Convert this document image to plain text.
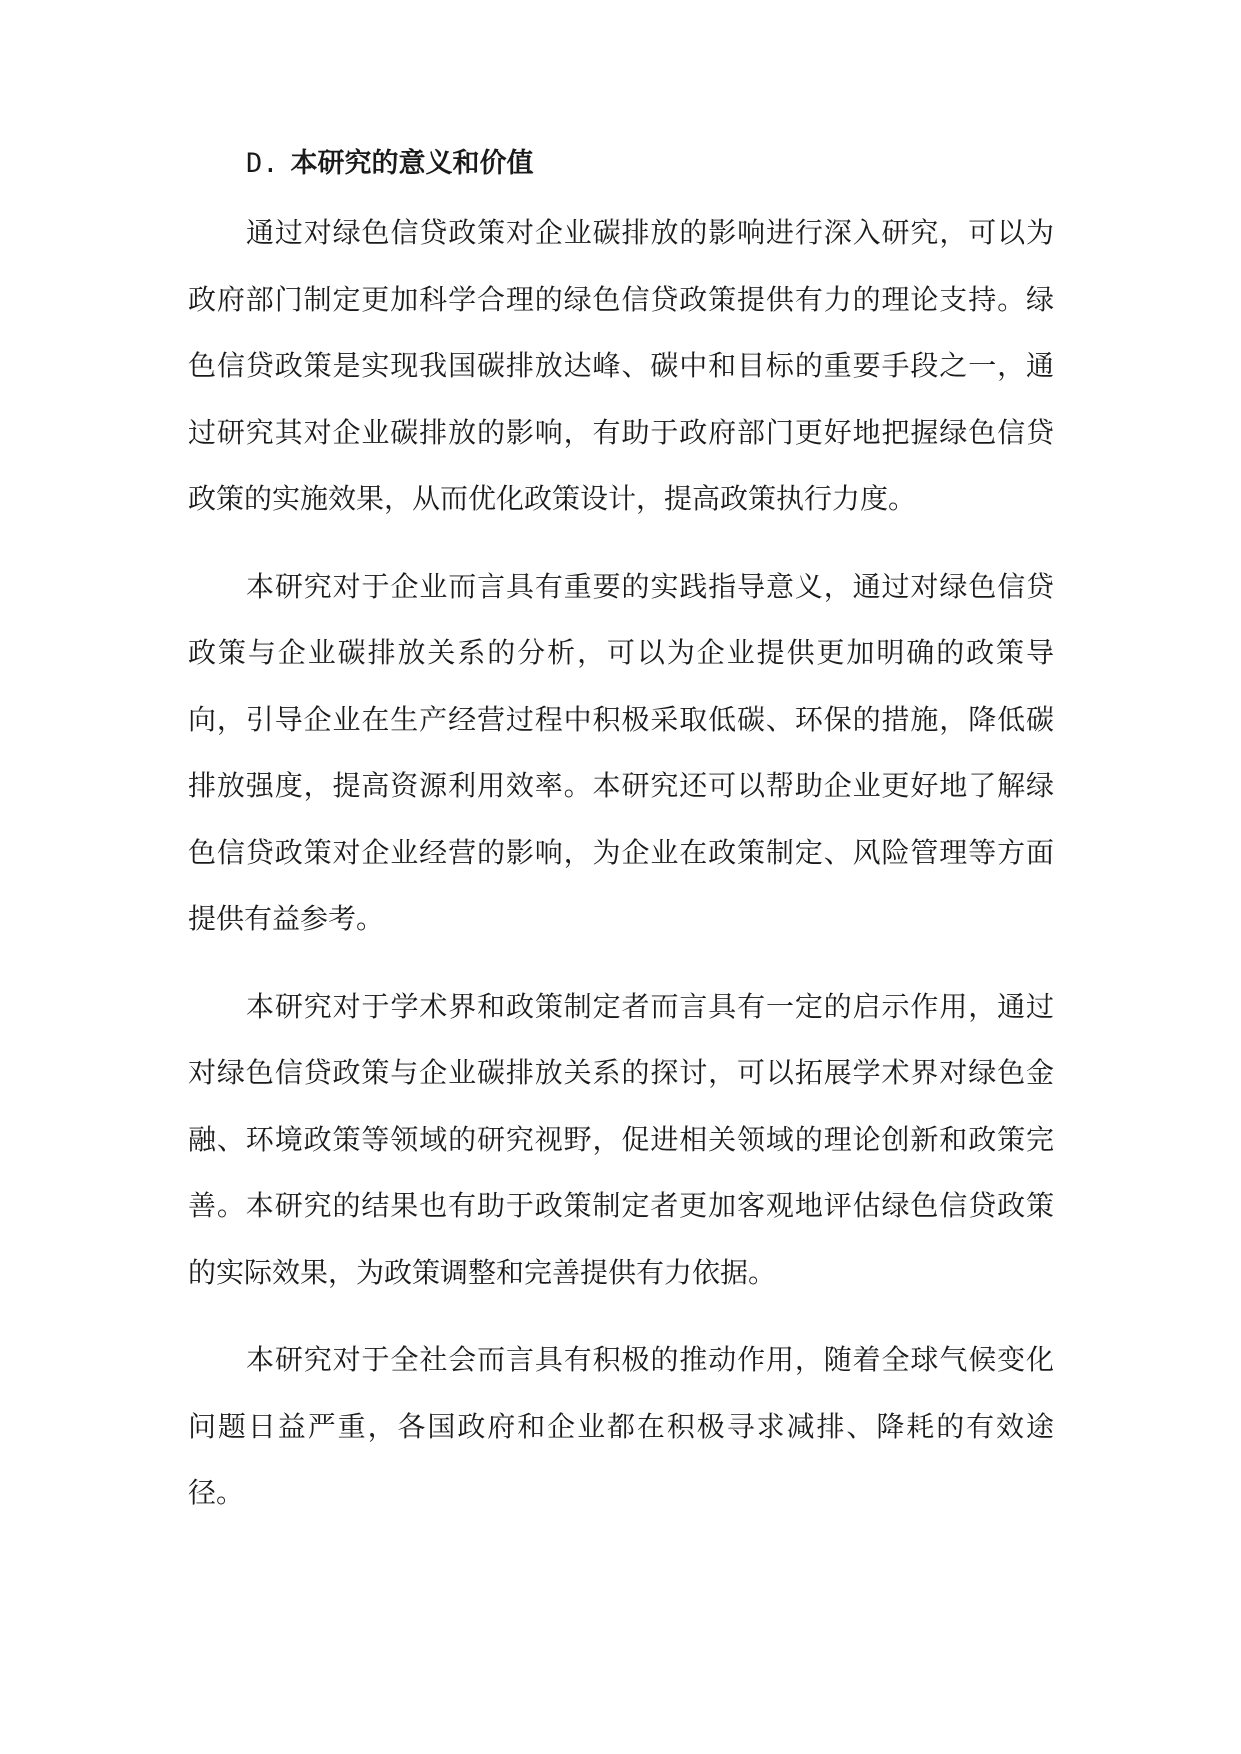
D. 本研究的意义和价值

通过对绿色信贷政策对企业碳排放的影响进行深入研究，可以为政府部门制定更加科学合理的绿色信贷政策提供有力的理论支持。绿色信贷政策是实现我国碳排放达峰、碳中和目标的重要手段之一，通过研究其对企业碳排放的影响，有助于政府部门更好地把握绿色信贷政策的实施效果，从而优化政策设计，提高政策执行力度。

本研究对于企业而言具有重要的实践指导意义，通过对绿色信贷政策与企业碳排放关系的分析，可以为企业提供更加明确的政策导向，引导企业在生产经营过程中积极采取低碳、环保的措施，降低碳排放强度，提高资源利用效率。本研究还可以帮助企业更好地了解绿色信贷政策对企业经营的影响，为企业在政策制定、风险管理等方面提供有益参考。

本研究对于学术界和政策制定者而言具有一定的启示作用，通过对绿色信贷政策与企业碳排放关系的探讨，可以拓展学术界对绿色金融、环境政策等领域的研究视野，促进相关领域的理论创新和政策完善。本研究的结果也有助于政策制定者更加客观地评估绿色信贷政策的实际效果，为政策调整和完善提供有力依据。

本研究对于全社会而言具有积极的推动作用，随着全球气候变化问题日益严重，各国政府和企业都在积极寻求减排、降耗的有效途径。
